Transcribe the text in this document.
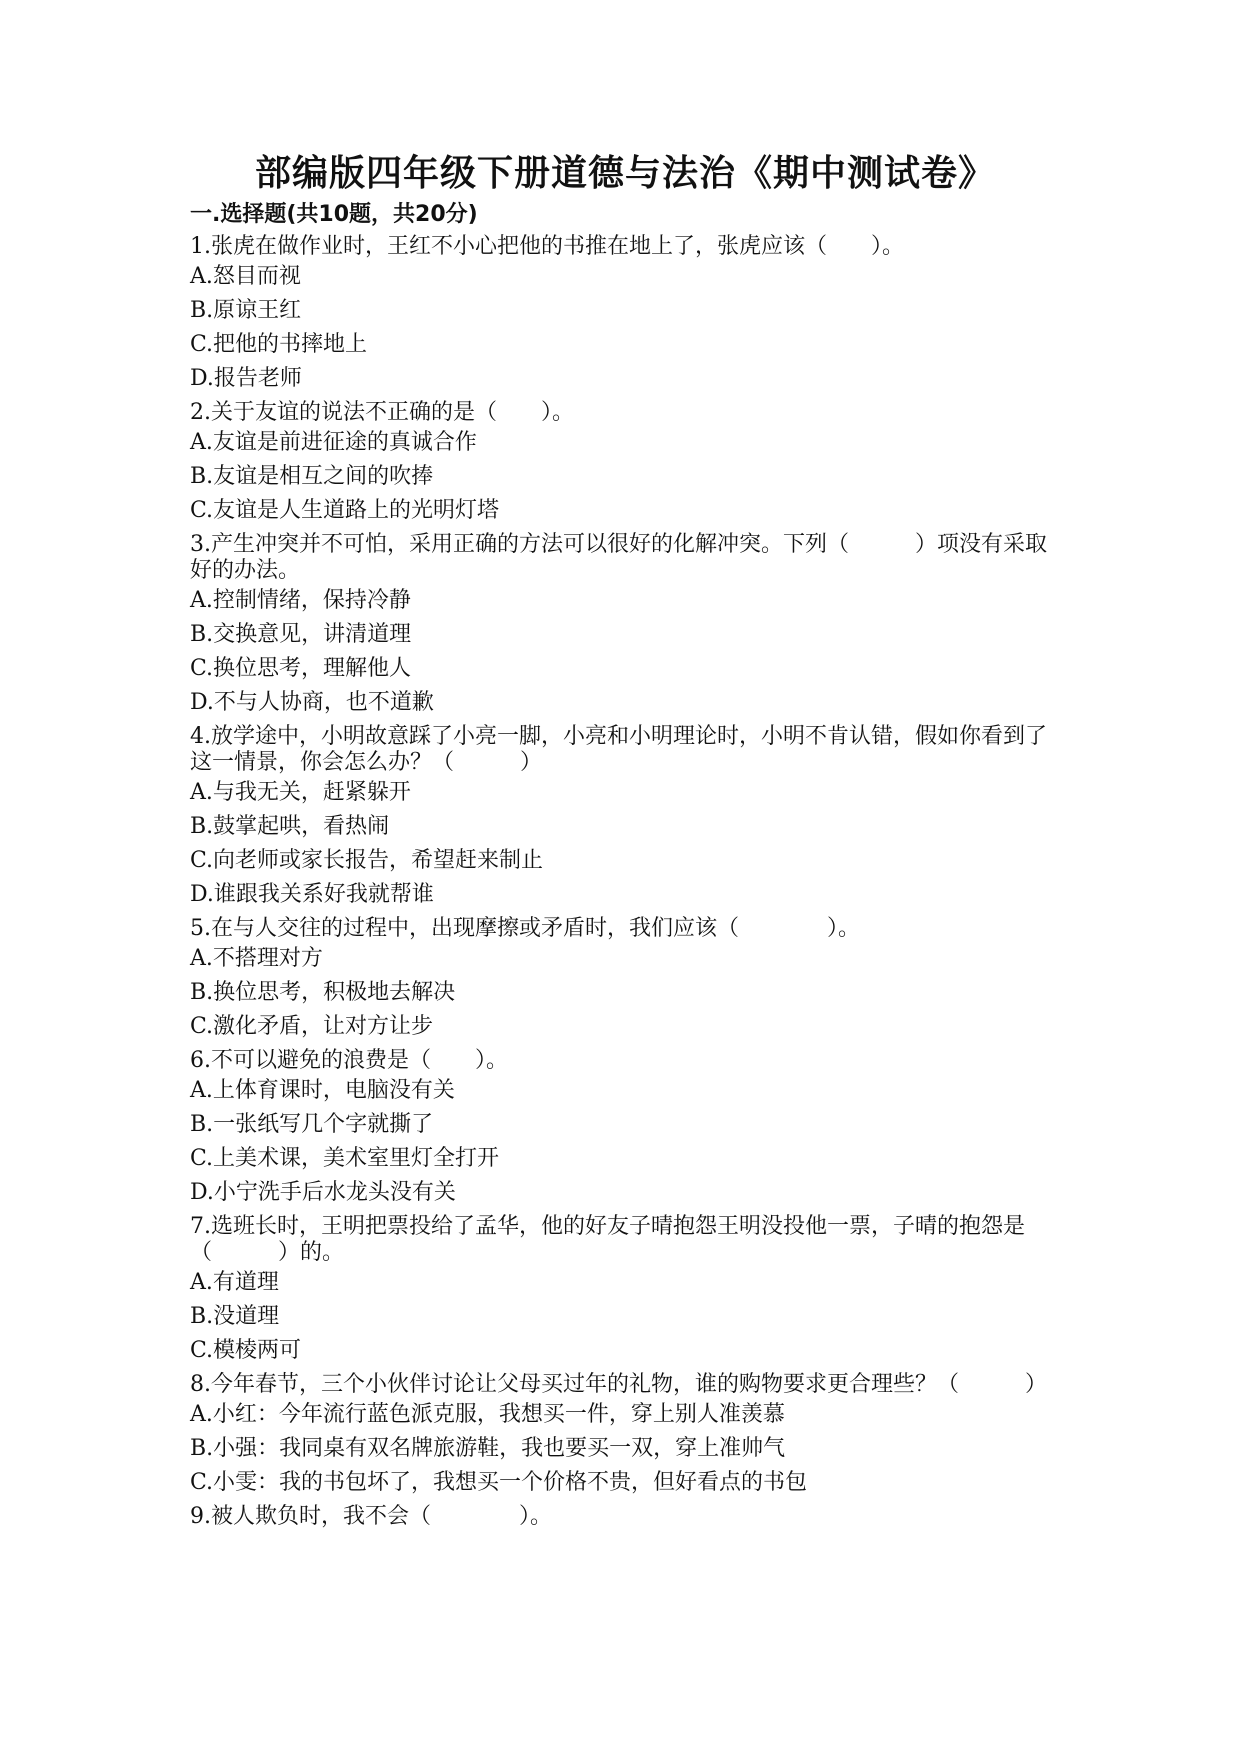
部编版四年级下册道德与法治《期中测试卷》
一.选择题(共10题，共20分)
1.张虎在做作业时，王红不小心把他的书推在地上了，张虎应该（　　）。
A.怒目而视
B.原谅王红
C.把他的书摔地上
D.报告老师
2.关于友谊的说法不正确的是（　　）。
A.友谊是前进征途的真诚合作
B.友谊是相互之间的吹捧
C.友谊是人生道路上的光明灯塔
3.产生冲突并不可怕，采用正确的方法可以很好的化解冲突。下列（　　　）项没有采取好的办法。
A.控制情绪，保持冷静
B.交换意见，讲清道理
C.换位思考，理解他人
D.不与人协商，也不道歉
4.放学途中，小明故意踩了小亮一脚，小亮和小明理论时，小明不肯认错，假如你看到了这一情景，你会怎么办？（　　　）
A.与我无关，赶紧躲开
B.鼓掌起哄，看热闹
C.向老师或家长报告，希望赶来制止
D.谁跟我关系好我就帮谁
5.在与人交往的过程中，出现摩擦或矛盾时，我们应该（　　　　）。
A.不搭理对方
B.换位思考，积极地去解决
C.激化矛盾，让对方让步
6.不可以避免的浪费是（　　）。
A.上体育课时，电脑没有关
B.一张纸写几个字就撕了
C.上美术课，美术室里灯全打开
D.小宁洗手后水龙头没有关
7.选班长时，王明把票投给了孟华，他的好友子晴抱怨王明没投他一票，子晴的抱怨是（　　　）的。
A.有道理
B.没道理
C.模棱两可
8.今年春节，三个小伙伴讨论让父母买过年的礼物，谁的购物要求更合理些？（　　　）
A.小红：今年流行蓝色派克服，我想买一件，穿上别人准羡慕
B.小强：我同桌有双名牌旅游鞋，我也要买一双，穿上准帅气
C.小雯：我的书包坏了，我想买一个价格不贵，但好看点的书包
9.被人欺负时，我不会（　　　　）。
